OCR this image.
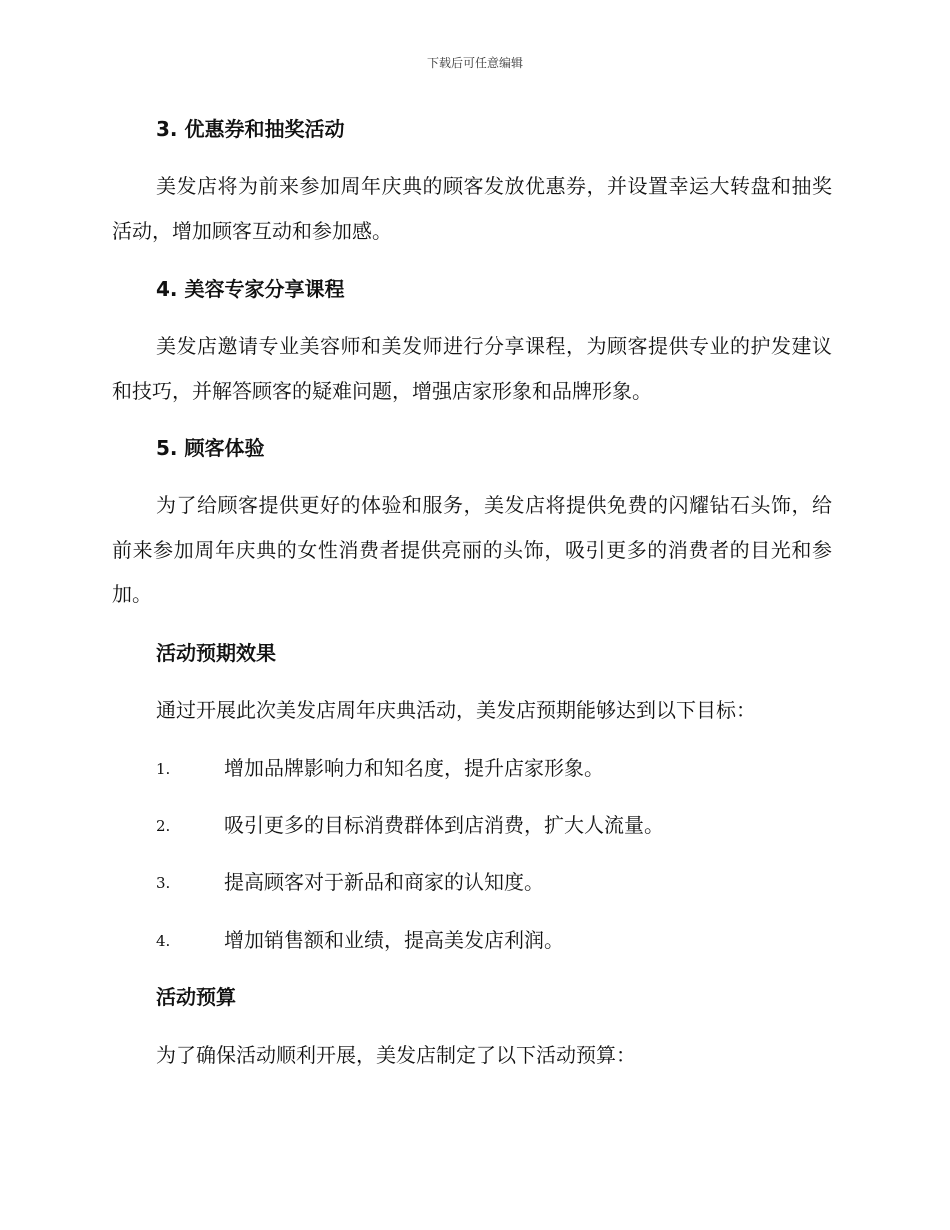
下载后可任意编辑
3. 优惠券和抽奖活动

美发店将为前来参加周年庆典的顾客发放优惠券，并设置幸运大转盘和抽奖活动，增加顾客互动和参加感。

4. 美容专家分享课程

美发店邀请专业美容师和美发师进行分享课程，为顾客提供专业的护发建议和技巧，并解答顾客的疑难问题，增强店家形象和品牌形象。

5. 顾客体验

为了给顾客提供更好的体验和服务，美发店将提供免费的闪耀钻石头饰，给前来参加周年庆典的女性消费者提供亮丽的头饰，吸引更多的消费者的目光和参加。

活动预期效果
通过开展此次美发店周年庆典活动，美发店预期能够达到以下目标：
1.	增加品牌影响力和知名度，提升店家形象。
2.	吸引更多的目标消费群体到店消费，扩大人流量。
3.	提高顾客对于新品和商家的认知度。
4.	增加销售额和业绩，提高美发店利润。
活动预算
为了确保活动顺利开展，美发店制定了以下活动预算：
